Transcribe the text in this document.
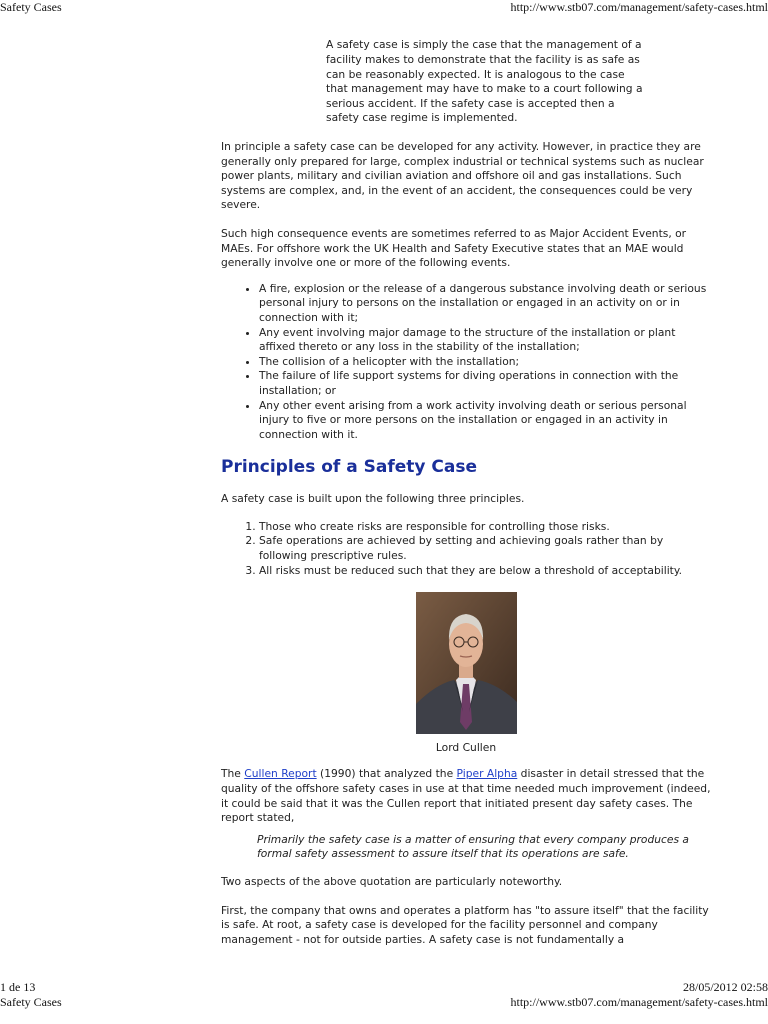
Safety Cases	http://www.stb07.com/management/safety-cases.html
A safety case is simply the case that the management of a
facility makes to demonstrate that the facility is as safe as
can be reasonably expected. It is analogous to the case
that management may have to make to a court following a
serious accident. If the safety case is accepted then a
safety case regime is implemented.

In principle a safety case can be developed for any activity. However, in practice they are generally only prepared for large, complex industrial or technical systems such as nuclear power plants, military and civilian aviation and offshore oil and gas installations. Such systems are complex, and, in the event of an accident, the consequences could be very severe.

Such high consequence events are sometimes referred to as Major Accident Events, or MAEs. For offshore work the UK Health and Safety Executive states that an MAE would generally involve one or more of the following events.

• A fire, explosion or the release of a dangerous substance involving death or serious personal injury to persons on the installation or engaged in an activity on or in connection with it;
• Any event involving major damage to the structure of the installation or plant affixed thereto or any loss in the stability of the installation;
• The collision of a helicopter with the installation;
• The failure of life support systems for diving operations in connection with the installation; or
• Any other event arising from a work activity involving death or serious personal injury to five or more persons on the installation or engaged in an activity in connection with it.
Principles of a Safety Case

A safety case is built upon the following three principles.

1. Those who create risks are responsible for controlling those risks.
2. Safe operations are achieved by setting and achieving goals rather than by following prescriptive rules.
3. All risks must be reduced such that they are below a threshold of acceptability.
Lord Cullen

The Cullen Report (1990) that analyzed the Piper Alpha disaster in detail stressed that the quality of the offshore safety cases in use at that time needed much improvement (indeed, it could be said that it was the Cullen report that initiated present day safety cases. The report stated,

Primarily the safety case is a matter of ensuring that every company produces a formal safety assessment to assure itself that its operations are safe.

Two aspects of the above quotation are particularly noteworthy.

First, the company that owns and operates a platform has "to assure itself" that the facility is safe. At root, a safety case is developed for the facility personnel and company management - not for outside parties. A safety case is not fundamentally a

1 de 13	28/05/2012 02:58
Safety Cases	http://www.stb07.com/management/safety-cases.html
